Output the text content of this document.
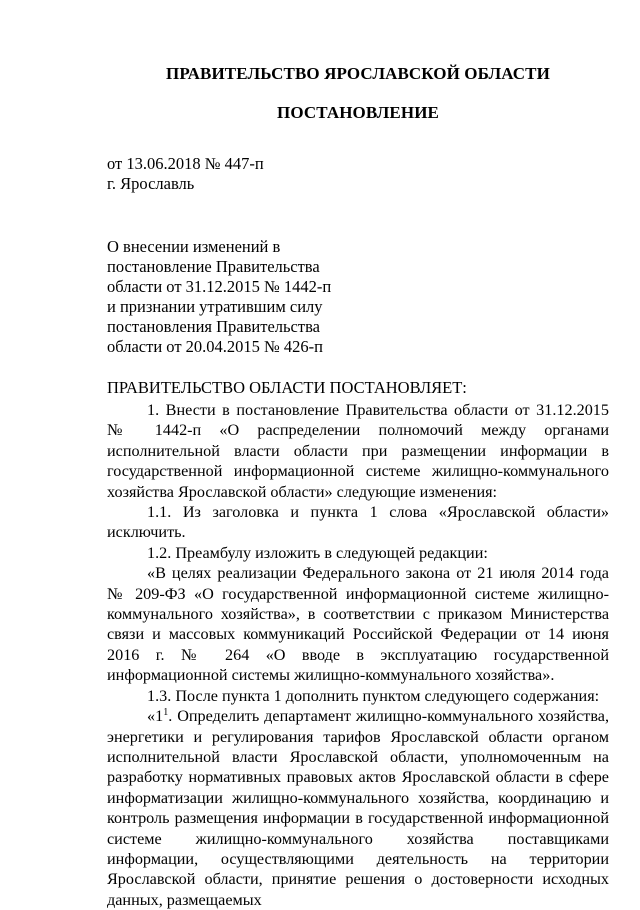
ПРАВИТЕЛЬСТВО ЯРОСЛАВСКОЙ ОБЛАСТИ
ПОСТАНОВЛЕНИЕ
от 13.06.2018 № 447-п
г. Ярославль
О внесении изменений в
постановление Правительства
области от 31.12.2015 № 1442-п
и признании утратившим силу
постановления Правительства
области от 20.04.2015 № 426-п
ПРАВИТЕЛЬСТВО ОБЛАСТИ ПОСТАНОВЛЯЕТ:

1. Внести в постановление Правительства области от 31.12.2015 № 1442-п «О распределении полномочий между органами исполнительной власти области при размещении информации в государственной информационной системе жилищно-коммунального хозяйства Ярославской области» следующие изменения:

1.1. Из заголовка и пункта 1 слова «Ярославской области» исключить.

1.2. Преамбулу изложить в следующей редакции:

«В целях реализации Федерального закона от 21 июля 2014 года № 209-ФЗ «О государственной информационной системе жилищно-коммунального хозяйства», в соответствии с приказом Министерства связи и массовых коммуникаций Российской Федерации от 14 июня 2016 г. № 264 «О вводе в эксплуатацию государственной информационной системы жилищно-коммунального хозяйства».

1.3. После пункта 1 дополнить пунктом следующего содержания:

«$1^1$. Определить департамент жилищно-коммунального хозяйства, энергетики и регулирования тарифов Ярославской области органом исполнительной власти Ярославской области, уполномоченным на разработку нормативных правовых актов Ярославской области в сфере информатизации жилищно-коммунального хозяйства, координацию и контроль размещения информации в государственной информационной системе жилищно-коммунального хозяйства поставщиками информации, осуществляющими деятельность на территории Ярославской области, принятие решения о достоверности исходных данных, размещаемых
